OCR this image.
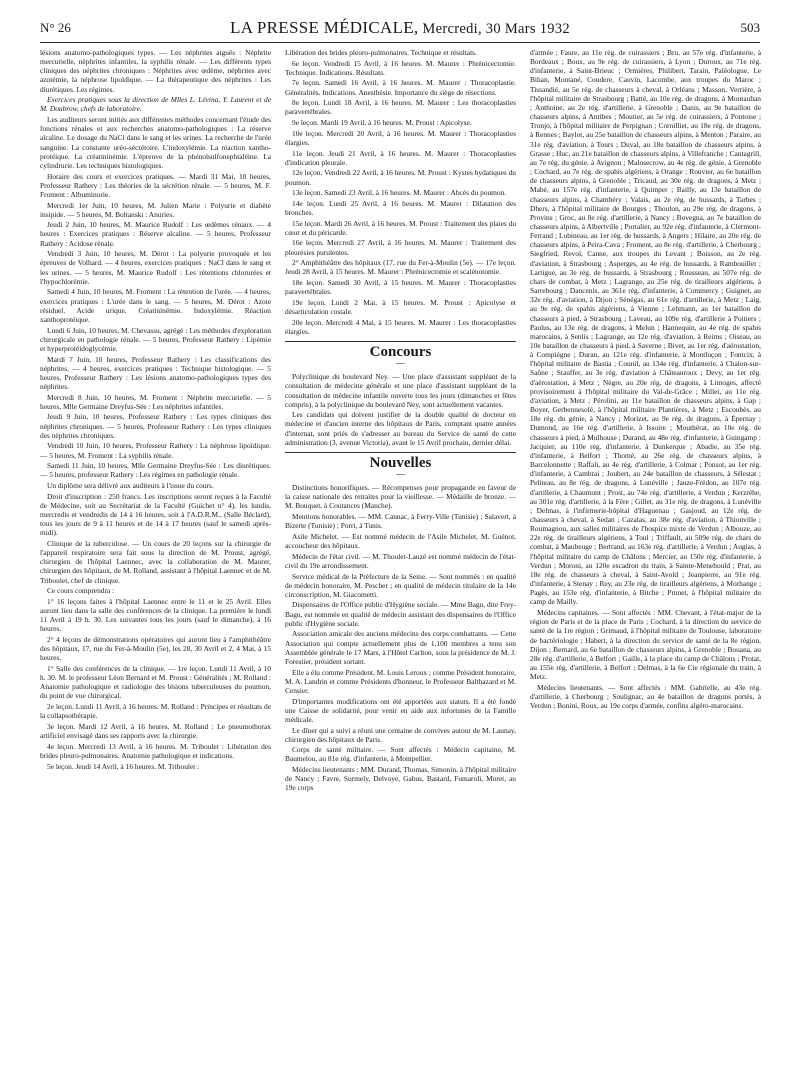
N° 26	LA PRESSE MÉDICALE, Mercredi, 30 Mars 1932	503

lésions anatomo-pathologiques types. — Les néphrites aiguës : Néphrite mercurielle, néphrites infantiles, la syphilis rénale. — Les différents types cliniques des néphrites chroniques : Néphrites avec œdème, néphrites avec azotémie, la néphrose lipoïdique. — La thérapeutique des néphrites : Les diurétiques. Les régimes.

Exercices pratiques sous la direction de Mlles L. Lévina, Y. Laurent et de M. Doubrow, chefs de laboratoire.

Les auditeurs seront initiés aux différentes méthodes concernant l'étude des fonctions rénales et aux recherches anatomo-pathologiques : La réserve alcaline. Le dosage du NaCl dans le sang et les urines. La recherche de l'urée sanguine. La constante uréo-sécrétoire. L'indoxylémie. La réaction xantho-protéique. La créatininémie. L'épreuve de la phénolsulfonephtaléine. La cylindrurie. Les techniques histologiques.

Horaire des cours et exercices pratiques. — Mardi 31 Mai, 10 heures, Professeur Rathery : Les théories de la sécrétion rénale. — 5 heures, M. F. Froment : Albuminurie.

Mercredi 1er Juin, 10 heures, M. Julien Marie : Polyurie et diabète insipide. — 5 heures, M. Boltanski : Anuries.

Jeudi 2 Juin, 10 heures, M. Maurice Rudolf : Les œdèmes rénaux. — 4 heures : Exercices pratiques : Réserve alcaline. — 5 heures, Professeur Rathery : Acidose rénale.

Vendredi 3 Juin, 10 heures, M. Dérot : La polyurie provoquée et les épreuves de Volhard. — 4 heures, exercices pratiques : NaCl dans le sang et les urines. — 5 heures, M. Maurice Rudolf : Les rétentions chlorurées et l'hypochlorémie.

Samedi 4 Juin, 10 heures, M. Froment : La rétention de l'urée. — 4 heures, exercices pratiques : L'urée dans le sang. — 5 heures, M. Dérot : Azote résiduel. Acide urique. Créatininémie. Indoxylémie. Réaction xanthoprotéique.

Lundi 6 Juin, 10 heures, M. Chevassu, agrégé : Les méthodes d'exploration chirurgicale en pathologie rénale. — 5 heures, Professeur Rathery : Lipémie et hyperprotéidoglycémie.

Mardi 7 Juin, 10 heures, Professeur Rathery : Les classifications des néphrites. — 4 heures, exercices pratiques : Technique histologique. — 5 heures, Professeur Rathery : Les lésions anatomo-pathologiques types des néphrites.

Mercredi 8 Juin, 10 heures, M. Froment : Néphrite mercurielle. — 5 heures, Mlle Germaine Dreyfus-Sée : Les néphrites infantiles.

Jeudi 9 Juin, 10 heures, Professeur Rathery : Les types cliniques des néphrites chroniques. — 5 heures, Professeur Rathery : Les types cliniques des néphrites chroniques.

Vendredi 10 Juin, 10 heures, Professeur Rathery : La néphrose lipoïdique. — 5 heures, M. Froment : La syphilis rénale.

Samedi 11 Juin, 10 heures, Mlle Germaine Dreyfus-Sée : Les diurétiques. — 5 heures, professeur Rathery : Les régimes en pathologie rénale.

Un diplôme sera délivré aux auditeurs à l'issue du cours.

Droit d'inscription : 250 francs. Les inscriptions seront reçues à la Faculté de Médecine, soit au Secrétariat de la Faculté (Guichet n° 4), les lundis, mercredis et vendredis de 14 à 16 heures, soit à l'A.D.R.M., (Salle Béclard), tous les jours de 9 à 11 heures et de 14 à 17 heures (sauf le samedi après-midi).

Clinique de la tuberculose. — Un cours de 20 leçons sur la chirurgie de l'appareil respiratoire sera fait sous la direction de M. Proust, agrégé, chirurgien de l'hôpital Laennec, avec la collaboration de M. Maurer, chirurgien des hôpitaux, de M. Rolland, assistant à l'hôpital Laennec et de M. Triboulet, chef de clinique.

Ce cours comprendra :

1° 16 leçons faites à l'hôpital Laennec entre le 11 et le 25 Avril. Elles auront lieu dans la salle des conférences de la clinique. La première le lundi 11 Avril à 19 h. 30. Les suivantes tous les jours (sauf le dimanche), à 16 heures.

2° 4 leçons de démonstrations opératoires qui auront lieu à l'amphithéâtre des hôpitaux, 17, rue du Fer-à-Moulin (5e), les 28, 30 Avril et 2, 4 Mai, à 15 heures.

1° Salle des conférences de la clinique. — 1re leçon. Lundi 11 Avril, à 10 h. 30. M. le professeur Léon Bernard et M. Proust : Généralités ; M. Rolland : Anatomie pathologique et radiologie des lésions tuberculeuses du poumon, du point de vue chirurgical.

2e leçon. Lundi 11 Avril, à 16 heures. M. Rolland : Principes et résultats de la collapsothérapie.

3e leçon. Mardi 12 Avril, à 16 heures. M. Rolland : Le pneumothorax artificiel envisagé dans ses rapports avec la chirurgie.

4e leçon. Mercredi 13 Avril, à 16 heures. M. Triboulet : Libération des brides pleuro-pulmonaires. Anatomie pathologique et indications.

5e leçon. Jeudi 14 Avril, à 16 heures. M. Triboulet :

Libération des brides pleuro-pulmonaires. Technique et résultats.

6e leçon. Vendredi 15 Avril, à 16 heures. M. Maurer : Phrénicectomie. Technique. Indications. Résultats.

7e leçon. Samedi 16 Avril, à 16 heures. M. Maurer : Thoracoplastie. Généralités. Indications. Anesthésie. Importance du siège de résections.

8e leçon. Lundi 18 Avril, à 16 heures. M. Maurer : Les thoracoplasties paravertébrales.

9e leçon. Mardi 19 Avril, à 16 heures. M. Proust : Apicolyse.

10e leçon. Mercredi 20 Avril, à 16 heures. M. Maurer : Thoracoplasties élargies.

11e leçon. Jeudi 21 Avril, à 16 heures. M. Maurer : Thoracoplasties d'indication pleurale.

12e leçon. Vendredi 22 Avril, à 16 heures. M. Proust : Kystes hydatiques du poumon.

13e leçon. Samedi 23 Avril, à 16 heures. M. Maurer : Abcès du poumon.

14e leçon. Lundi 25 Avril, à 16 heures. M. Maurer : Dilatation des bronches.

15e leçon. Mardi 26 Avril, à 16 heures. M. Proust : Traitement des plaies du cœur et du péricarde.

16e leçon. Mercredi 27 Avril, à 16 heures. M. Maurer : Traitement des pleurésies purulentes.

2° Amphithéâtre des hôpitaux (17, rue du Fer-à-Moulin (5e). — 17e leçon. Jeudi 28 Avril, à 15 heures. M. Maurer : Phrénicectomie et scalénotomie.

18e leçon. Samedi 30 Avril, à 15 heures. M. Maurer : Thoracoplasties paravertébrales.

19e leçon. Lundi 2 Mai, à 15 heures. M. Proust : Apicolyse et désarticulation costale.

20e leçon. Mercredi 4 Mai, à 15 heures. M. Maurer : Les thoracoplasties élargies.

Concours
—

Polyclinique du boulevard Ney. — Une place d'assistant suppléant de la consultation de médecine générale et une place d'assistant suppléant de la consultation de médecine infantile ouverte tous les jours (dimanches et fêtes compris), à la polyclinique du boulevard Ney, sont actuellement vacantes.

Les candidats qui doivent justifier de la double qualité de docteur en médecine et d'ancien interne des hôpitaux de Paris, comptant quatre années d'internat, sont priés de s'adresser au bureau du Service de santé de cette administration (3, avenue Victoria), avant le 15 Avril prochain, dernier délai.

Nouvelles
—

Distinctions honorifiques. — Récompenses pour propagande en faveur de la caisse nationale des retraites pour la vieillesse. — Médaille de bronze. — M. Bouquet, à Coutances (Manche).

Mentions honorables. — MM. Cannac, à Ferry-Ville (Tunisie) ; Salavert, à Bizerte (Tunisie) ; Porri, à Tunis.

Asile Michelet. — Est nommé médecin de l'Asile Michelet, M. Guénot, accoucheur des hôpitaux.

Médecin de l'état civil. — M. Thoulet-Lauzé est nommé médecin de l'état-civil du 19e arrondissement.

Service médical de la Préfecture de la Seine. — Sont nommés : en qualité de médecin honoraire, M. Pescher ; en qualité de médecin titulaire de la 14e circonscription, M. Giacometti.

Dispensaires de l'Office public d'Hygiène sociale. — Mme Bagu, dite Frey-Bagu, est nommée en qualité de médecin assistant des dispensaires de l'Office public d'Hygiène sociale.

Association amicale des anciens médecins des corps combattants. — Cette Association qui compte actuellement plus de 1.100 membres a tenu son Assemblée générale le 17 Mars, à l'Hôtel Carlton, sous la présidence de M. J. Forestier, président sortant.

Elle a élu comme Président, M. Louis Leroux ; comme Président honoraire, M. A. Landrin et comme Présidents d'honneur, le Professeur Balthazard et M. Censier.

D'importantes modifications ont été apportées aux statuts. Il a été fondé une Caisse de solidarité, pour venir en aide aux infortunes de la Famille médicale.

Le dîner qui a suivi a réuni une centaine de convives autour de M. Launay, chirurgien des hôpitaux de Paris.

Corps de santé militaire. — Sont affectés : Médecin capitaine, M. Baumelou, au 81e rég. d'infanterie, à Montpellier.

Médecins lieutenants : MM. Durand, Thomas, Simonin, à l'hôpital militaire de Nancy ; Favre, Surmely, Delvoye, Gabus, Bastard, Fumaroli, Moret, au 19e corps

d'armée ; Faure, au 11e rég. de cuirassiers ; Bru, au 57e rég. d'infanterie, à Bordeaux ; Boux, au 9e rég. de cuirassiers, à Lyon ; Duroux, au 71e rég. d'infanterie, à Saint-Brieuc ; Ormières, Philibert, Tarain, Paléologue, Le Bihan, Montané, Coudere, Cauvin, Lacombe, aux troupes du Maroc ; Tissandié, au 5e rég. de chasseurs à cheval, à Orléans ; Masson, Verrière, à l'hôpital militaire de Strasbourg ; Batté, au 10e rég. de dragons, à Montauban ; Anthoine, au 2e rég. d'artillerie, à Grenoble ; Danis, au 9e bataillon de chasseurs alpins, à Antibes ; Moutier, au 5e rég. de cuirassiers, à Pontoise ; Tronjo, à l'hôpital militaire de Perpignan ; Cornilliet, au 18e rég. de dragons, à Rennes ; Baylot, au 25e bataillon de chasseurs alpins, à Menton ; Paraire, au 31e rég. d'aviation, à Tours ; Duval, au 18e bataillon de chasseurs alpins, à Grasse ; Huc, au 21e bataillon de chasseurs alpins, à Villefranche ; Cantagrill, au 7e rég. du génie, à Avignon ; Malosecrow, au 4e rég. de génie, à Grenoble ; Cochard, au 7e rég. de spahis algériens, à Orange ; Rouvier, au 6e bataillon de chasseurs alpins, à Grenoble ; Tricaud, au 30e rég. de dragons, à Metz ; Mabé, au 157e rég. d'infanterie, à Quimper ; Bailly, au 13e bataillon de chasseurs alpins, à Chambéry ; Valais, au 2e rég. de hussards, à Tarbes ; Dhers, à l'hôpital militaire de Bourges ; Thoulon, au 29e rég. de dragons, à Provins ; Groc, au 8e rég. d'artillerie, à Nancy ; Bovegna, au 7e bataillon de chasseurs alpins, à Albertville ; Portalier, au 92e rég. d'infanterie, à Clermont-Ferrand ; Lubineau, au 1er rég. de hussards, à Angers ; Hilaire, au 20e rég. de chasseurs alpins, à Peira-Cava ; Froment, au 8e rég. d'artillerie, à Cherbourg ; Siegfried, Revol, Canne, aux troupes du Levant ; Boisson, au 2e rég. d'aviation, à Strasbourg ; Asperges, au 4e rég. de hussards, à Rambouillet ; Lartigue, au 3e rég. de hussards, à Strasbourg ; Rousseau, au 507e rég. de chars de combat, à Metz ; Lagrange, au 25e rég. de tirailleurs algériens, à Sarrebourg ; Dancenis, au 361e rég. d'infanterie, à Commercy ; Guignet, au 32e rég. d'aviation, à Dijon ; Sénégas, au 61e rég. d'artillerie, à Metz ; Laig, au 9e rég. de spahis algériens, à Vienne ; Lehmann, au 1er bataillon de chasseurs à pied, à Strasbourg ; Laveau, au 109e rég. d'artillerie à Poitiers ; Paulus, au 13e rég. de dragons, à Melun ; Hannequin, au 4e rég. de spahis marocains, à Senlis ; Lagrange, au 12e rég. d'aviation, à Reims ; Oiseau, au 10e bataillon de chasseurs à pied, à Saverne ; Bivet, au 1er rég. d'aérostation, à Compiègne ; Duran, au 121e rég. d'infanterie, à Montluçon ; Fontcix, à l'hôpital militaire de Bastia ; Counil, au 134e rég. d'infanterie, à Chalon-sur-Saône ; Stauffer, au 3e rég. d'aviation à Châteauroux ; Devy, au 1er rég. d'aérostation, à Metz ; Nègre, au 20e rég. de dragons, à Limoges, affecté provisoirement à l'hôpital militaire du Val-de-Grâce ; Millet, au 11e rég. d'aviation, à Metz ; Pérolini, au 11e bataillon de chasseurs alpins, à Gap ; Boyer, Gerbennesolé, à l'hôpital militaire Plantières, à Metz ; Escoubès, au 18e rég. du génie, à Nancy ; Morizet, au 9e rég. de dragons, à Épernay ; Dumond, au 16e rég. d'artillerie, à Issoire ; Mouthérat, au 10e rég. de chasseurs à pied, à Mulhouse ; Durand, au 48e rég. d'infanterie, à Guingamp ; Jacquier, au 110e rég. d'infanterie, à Dunkerque ; Abadie, au 35e rég. d'infanterie, à Belfort ; Thomé, au 26e rég. de chasseurs alpins, à Barcelonnette ; Raffali, au 4e rég. d'artillerie, à Colmar ; Ponsot, au 1er rég. d'infanterie, à Cambrai ; Joubert, au 24e bataillon de chasseurs, à Sélestat ; Peliteau, au 8e rég. de dragons, à Lunéville ; Jauze-Frédon, au 107e rég. d'artillerie, à Chaumont ; Prost, au 74e rég. d'artillerie, à Verdun ; Kerzréhe, au 301e rég. d'artillerie, à la Fère ; Gillet, au 31e rég. de dragons, à Lunéville ; Delmas, à l'infirmerie-hôpital d'Haguenau ; Gasjoud, au 12e rég. de chasseurs à cheval, à Sedan ; Cazalas, au 38e rég. d'aviation, à Thionville ; Roumagnou, aux salles militaires de l'hospice mixte de Verdun ; Albouze, au 22e rég. de tirailleurs algériens, à Toul ; Triffault, au 509e rég. de chars de combat, à Maubeuge ; Bertrand, au 163e rég. d'artillerie, à Verdun ; Augias, à l'hôpital militaire du camp de Châlons ; Mercier, au 150e rég. d'infanterie, à Verdun ; Moroni, au 120e escadron du train, à Sainte-Menehould ; Prat, au 18e rég. de chasseurs à cheval, à Saint-Avold ; Jeanpierre, au 91e rég. d'infanterie, à Stenay ; Rey, au 23e rég. de tirailleurs algériens, à Morhange ; Pagès, au 153e rég. d'infanterie, à Bitche ; Prunet, à l'hôpital militaire du camp de Mailly.

Médecins capitaines. — Sont affectés : MM. Chevant, à l'état-major de la région de Paris et de la place de Paris ; Cochard, à la direction du service de santé de la 1re région ; Grimaud, à l'hôpital militaire de Toulouse, laboratoire de bactériologie ; Habert, à la direction du service de santé de la 8e région, Dijon ; Bernard, au 6e bataillon de chasseurs alpins, à Grenoble ; Bouana, au 28e rég. d'artillerie, à Belfort ; Gaille, à la place du camp de Châlons ; Protat, au 155e rég. d'artillerie, à Belfort ; Delmas, à la 6e Cie régionale du train, à Metz.

Médecins lieutenants. — Sont affectés : MM. Gabrielle, au 43e rég. d'artillerie, à Cherbourg ; Soulignac, au 4e bataillon de dragons portés, à Verdun ; Bonini, Roux, au 19e corps d'armée, confins algéro-marocains.
